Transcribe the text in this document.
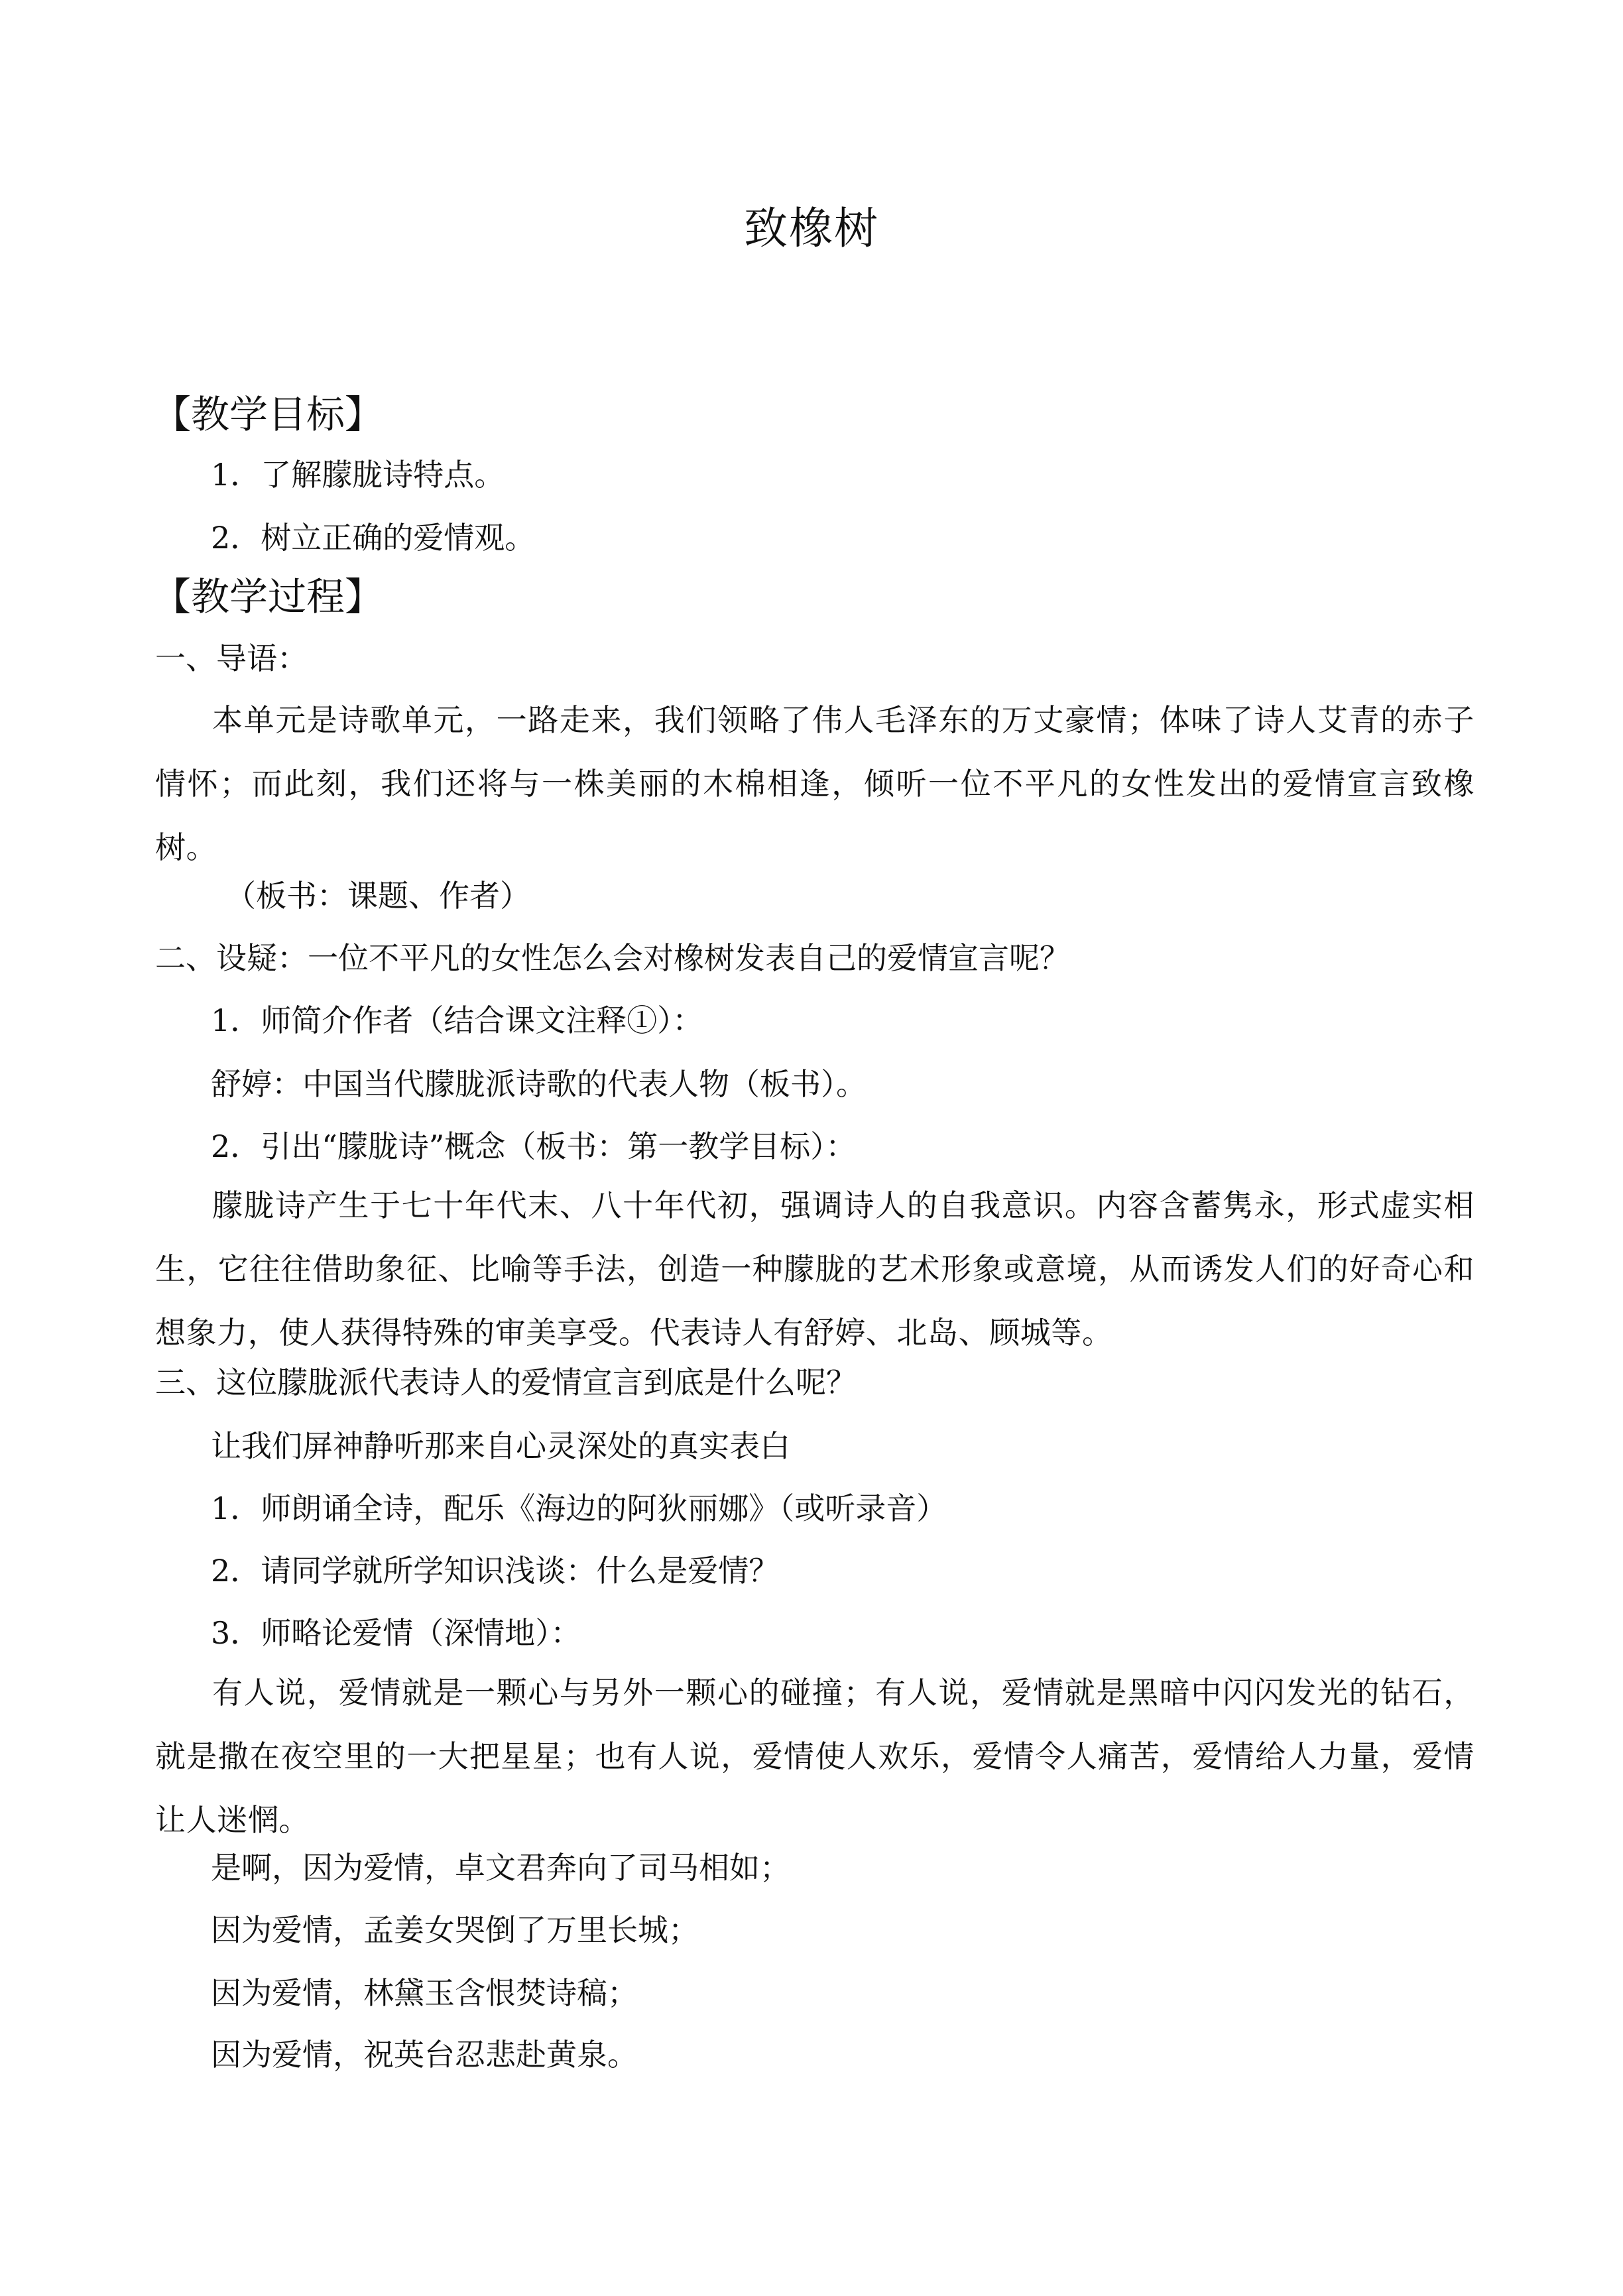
致橡树
【教学目标】
1．了解朦胧诗特点。
2．树立正确的爱情观。
【教学过程】
一、导语：
本单元是诗歌单元，一路走来，我们领略了伟人毛泽东的万丈豪情；体味了诗人艾青的赤子情怀；而此刻，我们还将与一株美丽的木棉相逢，倾听一位不平凡的女性发出的爱情宣言致橡树。
（板书：课题、作者）
二、设疑：一位不平凡的女性怎么会对橡树发表自己的爱情宣言呢？
1．师简介作者（结合课文注释①）：
舒婷：中国当代朦胧派诗歌的代表人物（板书）。
2．引出“朦胧诗”概念（板书：第一教学目标）：
朦胧诗产生于七十年代末、八十年代初，强调诗人的自我意识。内容含蓄隽永，形式虚实相生，它往往借助象征、比喻等手法，创造一种朦胧的艺术形象或意境，从而诱发人们的好奇心和想象力，使人获得特殊的审美享受。代表诗人有舒婷、北岛、顾城等。
三、这位朦胧派代表诗人的爱情宣言到底是什么呢？
让我们屏神静听那来自心灵深处的真实表白
1．师朗诵全诗，配乐《海边的阿狄丽娜》（或听录音）
2．请同学就所学知识浅谈：什么是爱情？
3．师略论爱情（深情地）：
有人说，爱情就是一颗心与另外一颗心的碰撞；有人说，爱情就是黑暗中闪闪发光的钻石，就是撒在夜空里的一大把星星；也有人说，爱情使人欢乐，爱情令人痛苦，爱情给人力量，爱情让人迷惘。
是啊，因为爱情，卓文君奔向了司马相如；
因为爱情，孟姜女哭倒了万里长城；
因为爱情，林黛玉含恨焚诗稿；
因为爱情，祝英台忍悲赴黄泉。
